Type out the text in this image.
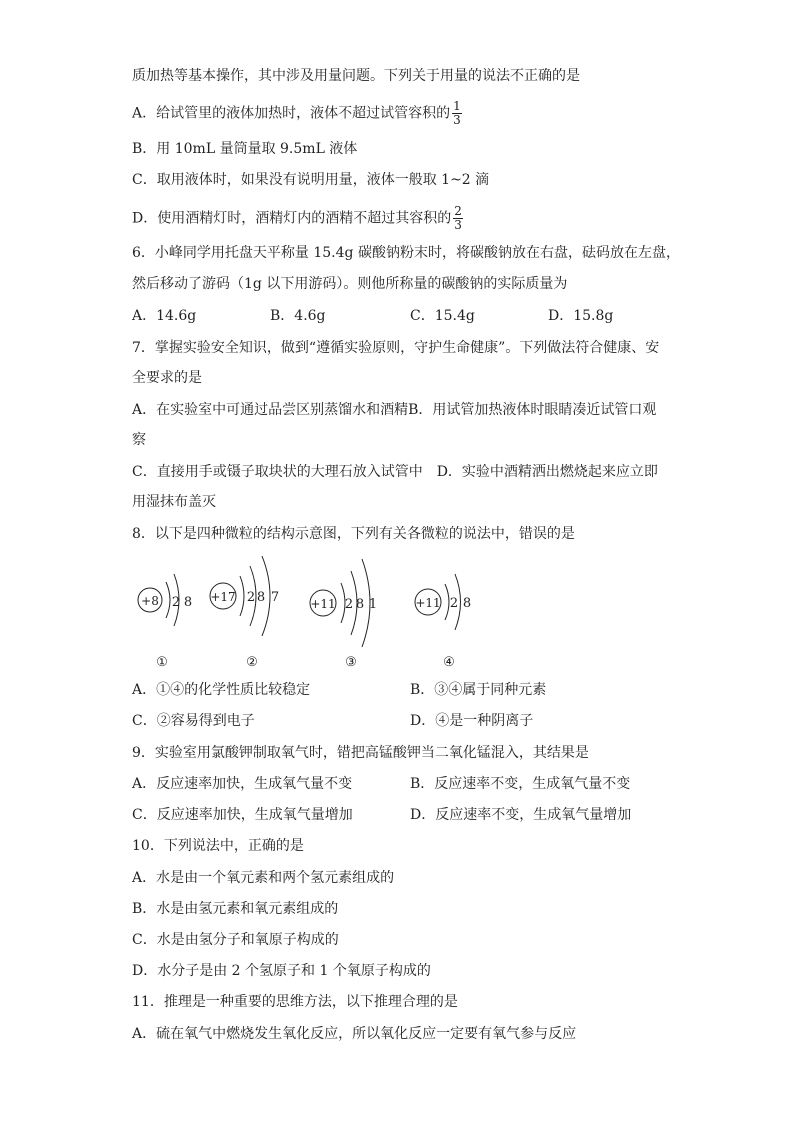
质加热等基本操作，其中涉及用量问题。下列关于用量的说法不正确的是
A．给试管里的液体加热时，液体不超过试管容积的 $\frac{1}{3}$
B．用 10mL 量筒量取 9.5mL 液体
C．取用液体时，如果没有说明用量，液体一般取 1~2 滴
D．使用酒精灯时，酒精灯内的酒精不超过其容积的 $\frac{2}{3}$
6．小峰同学用托盘天平称量 15.4g 碳酸钠粉末时，将碳酸钠放在右盘，砝码放在左盘，
然后移动了游码（1g 以下用游码）。则他所称量的碳酸钠的实际质量为
A．14.6g	B．4.6g	C．15.4g	D．15.8g
7．掌握实验安全知识，做到“遵循实验原则，守护生命健康”。下列做法符合健康、安
全要求的是
A．在实验室中可通过品尝区别蒸馏水和酒精B．用试管加热液体时眼睛凑近试管口观
察
C．直接用手或镊子取块状的大理石放入试管中　D．实验中酒精洒出燃烧起来应立即
用湿抹布盖灭
8．以下是四种微粒的结构示意图，下列有关各微粒的说法中，错误的是
+8 2 8
①
+17 2 8 7
②
+11 2 8 1
③
+11 2 8
④
A．①④的化学性质比较稳定	B．③④属于同种元素
C．②容易得到电子	D．④是一种阴离子
9．实验室用氯酸钾制取氧气时，错把高锰酸钾当二氧化锰混入，其结果是
A．反应速率加快，生成氧气量不变	B．反应速率不变，生成氧气量不变
C．反应速率加快，生成氧气量增加	D．反应速率不变，生成氧气量增加
10．下列说法中，正确的是
A．水是由一个氧元素和两个氢元素组成的
B．水是由氢元素和氧元素组成的
C．水是由氢分子和氧原子构成的
D．水分子是由 2 个氢原子和 1 个氧原子构成的
11．推理是一种重要的思维方法，以下推理合理的是
A．硫在氧气中燃烧发生氧化反应，所以氧化反应一定要有氧气参与反应
